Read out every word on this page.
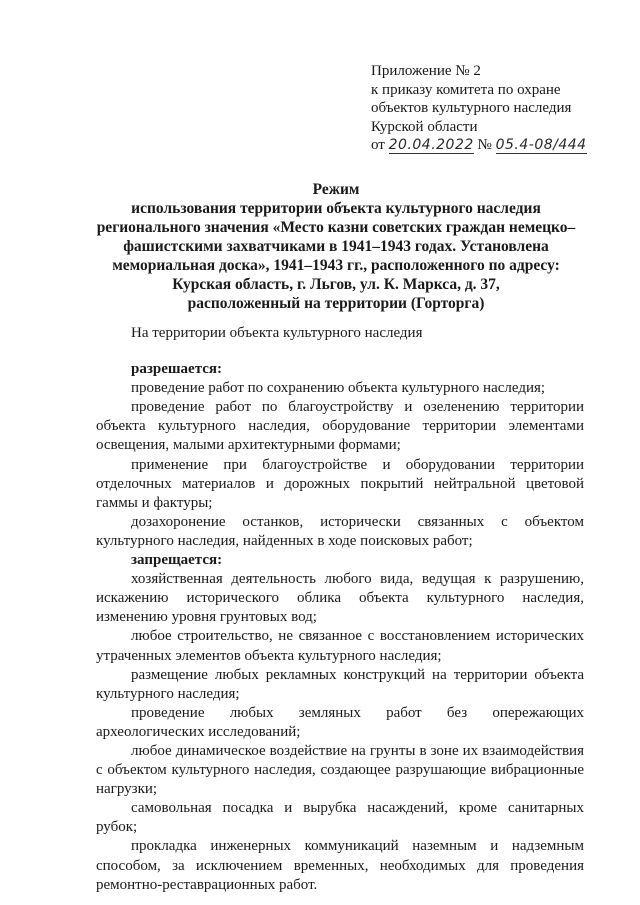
Приложение № 2
к приказу комитета по охране
объектов культурного наследия
Курской области
от 20.04.2022 № 05.4-08/444
Режим
использования территории объекта культурного наследия
регионального значения «Место казни советских граждан немецко–
фашистскими захватчиками в 1941–1943 годах. Установлена
мемориальная доска», 1941–1943 гг., расположенного по адресу:
Курская область, г. Льгов, ул. К. Маркса, д. 37,
расположенный на территории (Горторга)
На территории объекта культурного наследия
разрешается:
проведение работ по сохранению объекта культурного наследия;
проведение работ по благоустройству и озеленению территории объекта культурного наследия, оборудование территории элементами освещения, малыми архитектурными формами;
применение при благоустройстве и оборудовании территории отделочных материалов и дорожных покрытий нейтральной цветовой гаммы и фактуры;
дозахоронение останков, исторически связанных с объектом культурного наследия, найденных в ходе поисковых работ;
запрещается:
хозяйственная деятельность любого вида, ведущая к разрушению, искажению исторического облика объекта культурного наследия, изменению уровня грунтовых вод;
любое строительство, не связанное с восстановлением исторических утраченных элементов объекта культурного наследия;
размещение любых рекламных конструкций на территории объекта культурного наследия;
проведение любых земляных работ без опережающих археологических исследований;
любое динамическое воздействие на грунты в зоне их взаимодействия с объектом культурного наследия, создающее разрушающие вибрационные нагрузки;
самовольная посадка и вырубка насаждений, кроме санитарных рубок;
прокладка инженерных коммуникаций наземным и надземным способом, за исключением временных, необходимых для проведения ремонтно-реставрационных работ.
